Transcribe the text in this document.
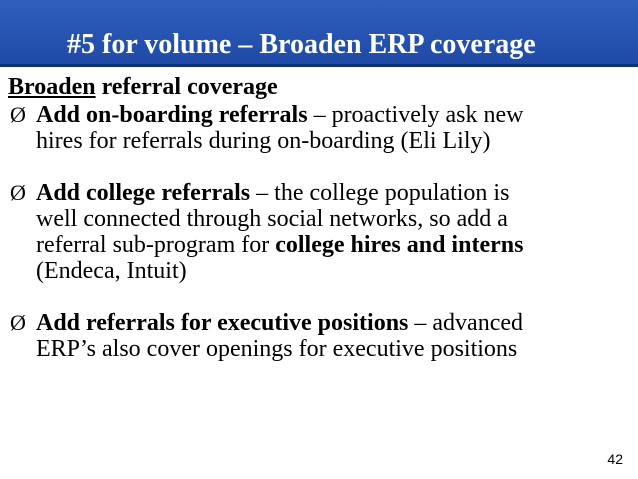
#5 for volume – Broaden ERP coverage
Broaden referral coverage
Ø Add on-boarding referrals – proactively ask new
hires for referrals during on-boarding (Eli Lily)
Ø Add college referrals – the college population is
well connected through social networks, so add a
referral sub-program for college hires and interns
(Endeca, Intuit)
Ø Add referrals for executive positions – advanced
ERP’s also cover openings for executive positions
42
